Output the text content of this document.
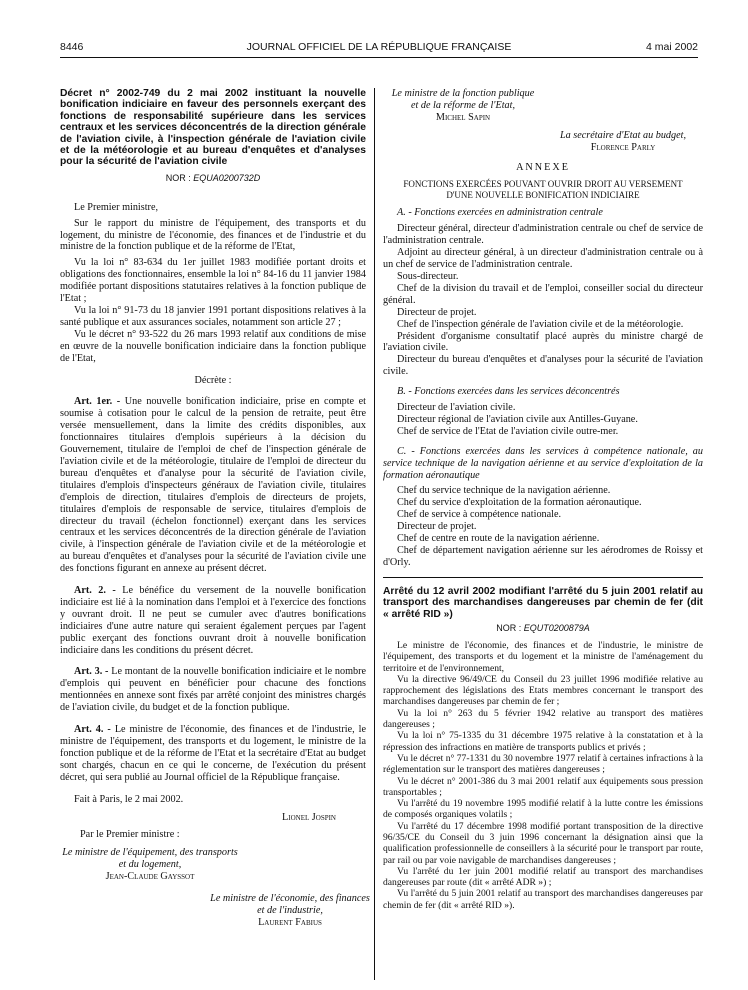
8446	JOURNAL OFFICIEL DE LA RÉPUBLIQUE FRANÇAISE	4 mai 2002

Décret n° 2002-749 du 2 mai 2002 instituant la nouvelle bonification indiciaire en faveur des personnels exerçant des fonctions de responsabilité supérieure dans les services centraux et les services déconcentrés de la direction générale de l'aviation civile, à l'inspection générale de l'aviation civile et de la météorologie et au bureau d'enquêtes et d'analyses pour la sécurité de l'aviation civile

NOR : EQUA0200732D

Le Premier ministre,

Sur le rapport du ministre de l'équipement, des transports et du logement, du ministre de l'économie, des finances et de l'industrie et du ministre de la fonction publique et de la réforme de l'Etat,

Vu la loi n° 83-634 du 1er juillet 1983 modifiée portant droits et obligations des fonctionnaires, ensemble la loi n° 84-16 du 11 janvier 1984 modifiée portant dispositions statutaires relatives à la fonction publique de l'Etat ;

Vu la loi n° 91-73 du 18 janvier 1991 portant dispositions relatives à la santé publique et aux assurances sociales, notamment son article 27 ;

Vu le décret n° 93-522 du 26 mars 1993 relatif aux conditions de mise en œuvre de la nouvelle bonification indiciaire dans la fonction publique de l'Etat,

Décrète :

Art. 1er. - Une nouvelle bonification indiciaire, prise en compte et soumise à cotisation pour le calcul de la pension de retraite, peut être versée mensuellement, dans la limite des crédits disponibles, aux fonctionnaires titulaires d'emplois supérieurs à la décision du Gouvernement, titulaire de l'emploi de chef de l'inspection générale de l'aviation civile et de la météorologie, titulaire de l'emploi de directeur du bureau d'enquêtes et d'analyse pour la sécurité de l'aviation civile, titulaires d'emplois d'inspecteurs généraux de l'aviation civile, titulaires d'emplois de direction, titulaires d'emplois de directeurs de projets, titulaires d'emplois de responsable de service, titulaires d'emplois de directeur du travail (échelon fonctionnel) exerçant dans les services centraux et les services déconcentrés de la direction générale de l'aviation civile, à l'inspection générale de l'aviation civile et de la météorologie et au bureau d'enquêtes et d'analyses pour la sécurité de l'aviation civile une des fonctions figurant en annexe au présent décret.

Art. 2. - Le bénéfice du versement de la nouvelle bonification indiciaire est lié à la nomination dans l'emploi et à l'exercice des fonctions y ouvrant droit. Il ne peut se cumuler avec d'autres bonifications indiciaires d'une autre nature qui seraient également perçues par l'agent public exerçant des fonctions ouvrant droit à nouvelle bonification indiciaire dans les conditions du présent décret.

Art. 3. - Le montant de la nouvelle bonification indiciaire et le nombre d'emplois qui peuvent en bénéficier pour chacune des fonctions mentionnées en annexe sont fixés par arrêté conjoint des ministres chargés de l'aviation civile, du budget et de la fonction publique.

Art. 4. - Le ministre de l'économie, des finances et de l'industrie, le ministre de l'équipement, des transports et du logement, le ministre de la fonction publique et de la réforme de l'Etat et la secrétaire d'Etat au budget sont chargés, chacun en ce qui le concerne, de l'exécution du présent décret, qui sera publié au Journal officiel de la République française.

Fait à Paris, le 2 mai 2002.

Lionel Jospin

Par le Premier ministre :

Le ministre de l'équipement, des transports et du logement,
Jean-Claude Gayssot
Le ministre de l'économie, des finances et de l'industrie,
Laurent Fabius
Le ministre de la fonction publique et de la réforme de l'Etat,
Michel Sapin
La secrétaire d'Etat au budget,
Florence Parly

ANNEXE

FONCTIONS EXERCÉES POUVANT OUVRIR DROIT AU VERSEMENT D'UNE NOUVELLE BONIFICATION INDICIAIRE

A. - Fonctions exercées en administration centrale

Directeur général, directeur d'administration centrale ou chef de service de l'administration centrale.

Adjoint au directeur général, à un directeur d'administration centrale ou à un chef de service de l'administration centrale.

Sous-directeur.

Chef de la division du travail et de l'emploi, conseiller social du directeur général.

Directeur de projet.

Chef de l'inspection générale de l'aviation civile et de la météorologie.

Président d'organisme consultatif placé auprès du ministre chargé de l'aviation civile.

Directeur du bureau d'enquêtes et d'analyses pour la sécurité de l'aviation civile.

B. - Fonctions exercées dans les services déconcentrés

Directeur de l'aviation civile.

Directeur régional de l'aviation civile aux Antilles-Guyane.

Chef de service de l'Etat de l'aviation civile outre-mer.

C. - Fonctions exercées dans les services à compétence nationale, au service technique de la navigation aérienne et au service d'exploitation de la formation aéronautique

Chef du service technique de la navigation aérienne.

Chef du service d'exploitation de la formation aéronautique.

Chef de service à compétence nationale.

Directeur de projet.

Chef de centre en route de la navigation aérienne.

Chef de département navigation aérienne sur les aérodromes de Roissy et d'Orly.

Arrêté du 12 avril 2002 modifiant l'arrêté du 5 juin 2001 relatif au transport des marchandises dangereuses par chemin de fer (dit « arrêté RID »)

NOR : EQUT0200879A

Le ministre de l'économie, des finances et de l'industrie, le ministre de l'équipement, des transports et du logement et la ministre de l'aménagement du territoire et de l'environnement,

Vu la directive 96/49/CE du Conseil du 23 juillet 1996 modifiée relative au rapprochement des législations des Etats membres concernant le transport des marchandises dangereuses par chemin de fer ;

Vu la loi n° 263 du 5 février 1942 relative au transport des matières dangereuses ;

Vu la loi n° 75-1335 du 31 décembre 1975 relative à la constatation et à la répression des infractions en matière de transports publics et privés ;

Vu le décret n° 77-1331 du 30 novembre 1977 relatif à certaines infractions à la réglementation sur le transport des matières dangereuses ;

Vu le décret n° 2001-386 du 3 mai 2001 relatif aux équipements sous pression transportables ;

Vu l'arrêté du 19 novembre 1995 modifié relatif à la lutte contre les émissions de composés organiques volatils ;

Vu l'arrêté du 17 décembre 1998 modifié portant transposition de la directive 96/35/CE du Conseil du 3 juin 1996 concernant la désignation ainsi que la qualification professionnelle de conseillers à la sécurité pour le transport par route, par rail ou par voie navigable de marchandises dangereuses ;

Vu l'arrêté du 1er juin 2001 modifié relatif au transport des marchandises dangereuses par route (dit « arrêté ADR ») ;

Vu l'arrêté du 5 juin 2001 relatif au transport des marchandises dangereuses par chemin de fer (dit « arrêté RID »).
